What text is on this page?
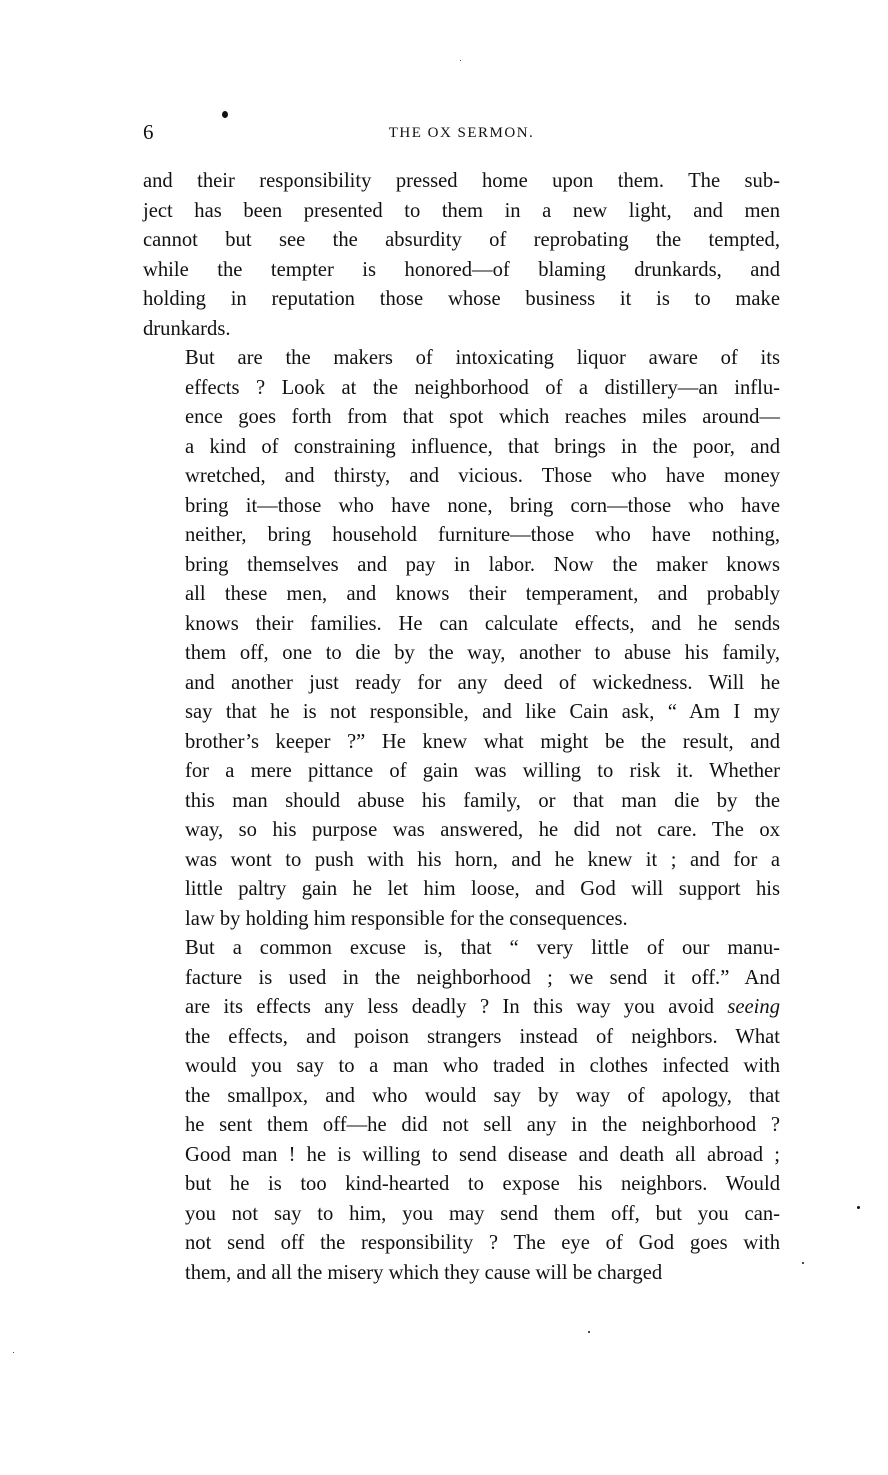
6	THE OX SERMON.

and their responsibility pressed home upon them. The sub-
ject has been presented to them in a new light, and men
cannot but see the absurdity of reprobating the tempted,
while the tempter is honored—of blaming drunkards, and
holding in reputation those whose business it is to make
drunkards.

But are the makers of intoxicating liquor aware of its
effects ? Look at the neighborhood of a distillery—an influ-
ence goes forth from that spot which reaches miles around—
a kind of constraining influence, that brings in the poor, and
wretched, and thirsty, and vicious. Those who have money
bring it—those who have none, bring corn—those who have
neither, bring household furniture—those who have nothing,
bring themselves and pay in labor. Now the maker knows
all these men, and knows their temperament, and probably
knows their families. He can calculate effects, and he sends
them off, one to die by the way, another to abuse his family,
and another just ready for any deed of wickedness. Will he
say that he is not responsible, and like Cain ask, “ Am I my
brother’s keeper ?” He knew what might be the result, and
for a mere pittance of gain was willing to risk it. Whether
this man should abuse his family, or that man die by the
way, so his purpose was answered, he did not care. The ox
was wont to push with his horn, and he knew it ; and for a
little paltry gain he let him loose, and God will support his
law by holding him responsible for the consequences.

But a common excuse is, that “ very little of our manu-
facture is used in the neighborhood ; we send it off.” And
are its effects any less deadly ? In this way you avoid seeing
the effects, and poison strangers instead of neighbors. What
would you say to a man who traded in clothes infected with
the smallpox, and who would say by way of apology, that
he sent them off—he did not sell any in the neighborhood ?
Good man ! he is willing to send disease and death all abroad ;
but he is too kind-hearted to expose his neighbors. Would
you not say to him, you may send them off, but you can-
not send off the responsibility ? The eye of God goes with
them, and all the misery which they cause will be charged
